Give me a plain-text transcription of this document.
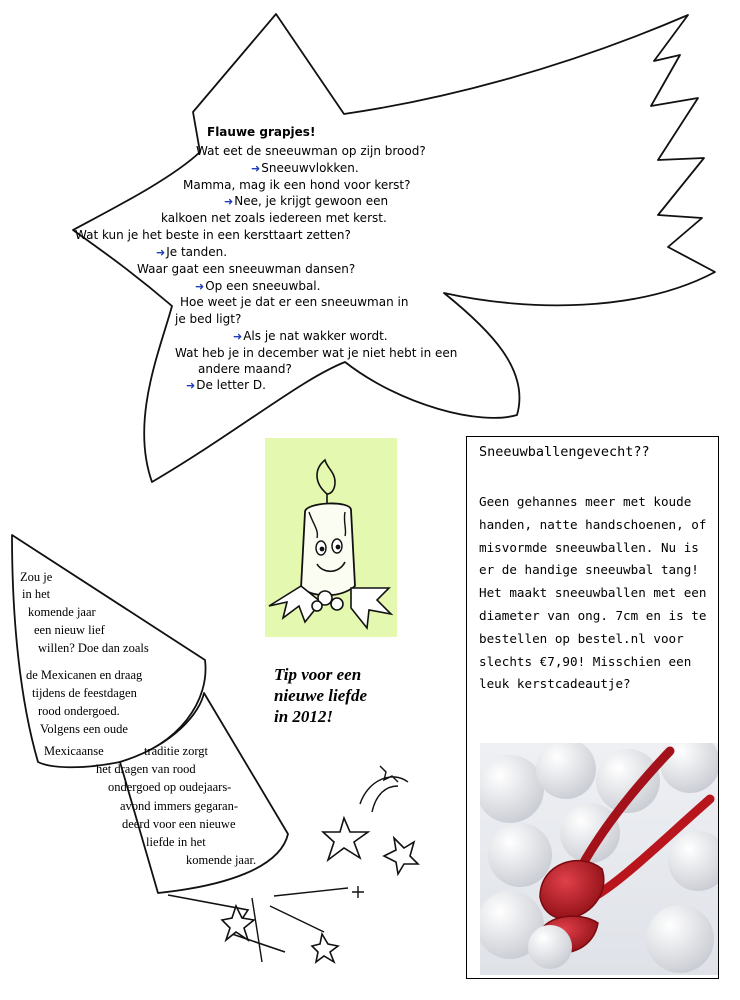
Flauwe grapjes!
Wat eet de sneeuwman op zijn brood?
➜Sneeuwvlokken.
Mamma, mag ik een hond voor kerst?
➜Nee, je krijgt gewoon een
kalkoen net zoals iedereen met kerst.
Wat kun je het beste in een kersttaart zetten?
➜Je tanden.
Waar gaat een sneeuwman dansen?
➜Op een sneeuwbal.
Hoe weet je dat er een sneeuwman in
je bed ligt?
➜Als je nat wakker wordt.
Wat heb je in december wat je niet hebt in een
andere maand?
➜De letter D.
Zou je
in het
komende jaar
een nieuw lief
willen? Doe dan zoals
de Mexicanen en draag
tijdens de feestdagen
rood ondergoed.
Volgens een oude
Mexicaanse	traditie zorgt
het dragen van rood
ondergoed op oudejaars-
avond immers gegaran-
deerd voor een nieuwe
liefde in het
komende jaar.
Tip voor een nieuwe liefde in 2012!
Sneeuwballengevecht??
Geen gehannes meer met koude handen, natte handschoenen, of misvormde sneeuwballen. Nu is er de handige sneeuwbal tang! Het maakt sneeuwballen met een diameter van ong. 7cm en is te bestellen op bestel.nl voor slechts €7,90! Misschien een leuk kerstcadeautje?
